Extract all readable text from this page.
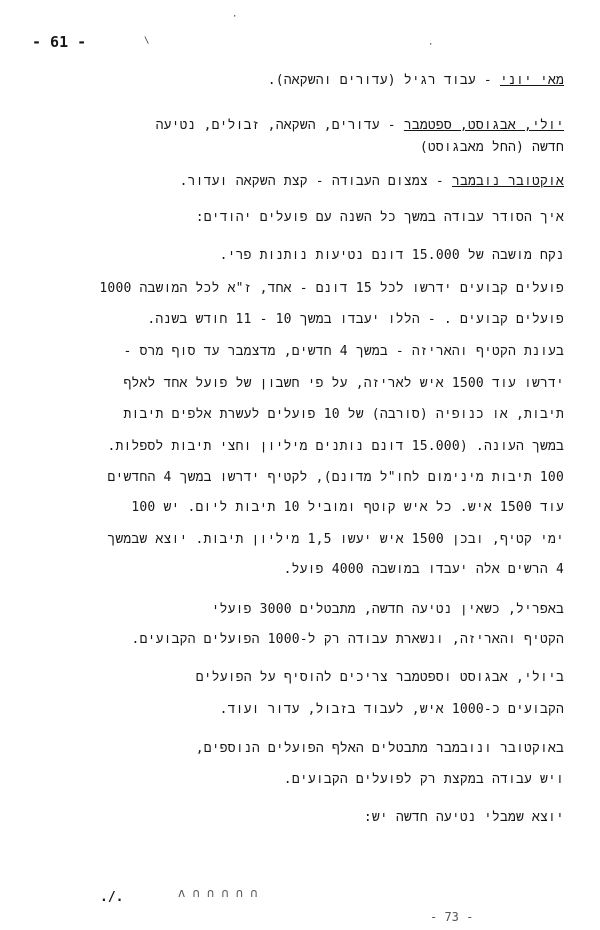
- 61 -
·
\	·
מאי יוני - עבוד רגיל (עדורים והשקאה).
יולי, אבגוסט, ספטמבר - עדורים, השקאה, זבולים, נטיעה
חדשה (החל מאבגוסט)
אוקטובר נובמבר - צמצום העבודה - קצת השקאה ועדור.
איך הסודר עבודה במשך כל השנה עם פועלים יהודים:
נקח מושבה של 15.000 דונם נטיעות נותנות פרי.
פועלים קבועים ידרשו לכל 15 דונם - אחד, ז"א לכל המושבה 1000
פועלים קבועים . - הללו יעבדו במשך 10 - 11 חודש בשנה.
בעונת הקטיף והאריזה - במשך 4 חדשים, מדצמבר עד סוף מרס -
ידרשו עוד 1500 איש לאריזה, על פי חשבון של פועל אחד לאלף
תיבות, או כנופיה (סורבה) של 10 פועלים לעשרת אלפים תיבות
במשך העונה. (15.000 דונם נותנים מיליון וחצי תיבות לספלות.
100 תיבות מינימום לחו"ל מדונם), לקטיף ידרשו במשך 4 החדשים
עוד 1500 איש. כל איש קוטף ומוביל 10 תיבות ליום. יש 100
ימי קטיף, ובכן 1500 איש יעשו 1,5 מיליון תיבות. יוצא שבמשך
4 הרשים אלה יעבדו במושבה 4000 פועל.
באפריל, כשאין נטיעה חדשה, מתבטלים 3000 פועלי
הקטיף והאריזה, ונשארת עבודה רק ל-1000 הפועלים הקבועים.
ביולי, אבגוסט וספטמבר צריכים להוסיף על הפועלים
הקבועים כ-1000 איש, לעבוד בזבול, עדור ועוד.
באוקטובר ונובמבר מתבטלים האלף הפועלים הנוספים,
ויש עבודה במקצת רק לפועלים הקבועים.
יוצא שמבלי נטיעה חדשה יש:
./. ‬	ʌ ∩ ∩ ∩ ∩ ∩
- 73 -
